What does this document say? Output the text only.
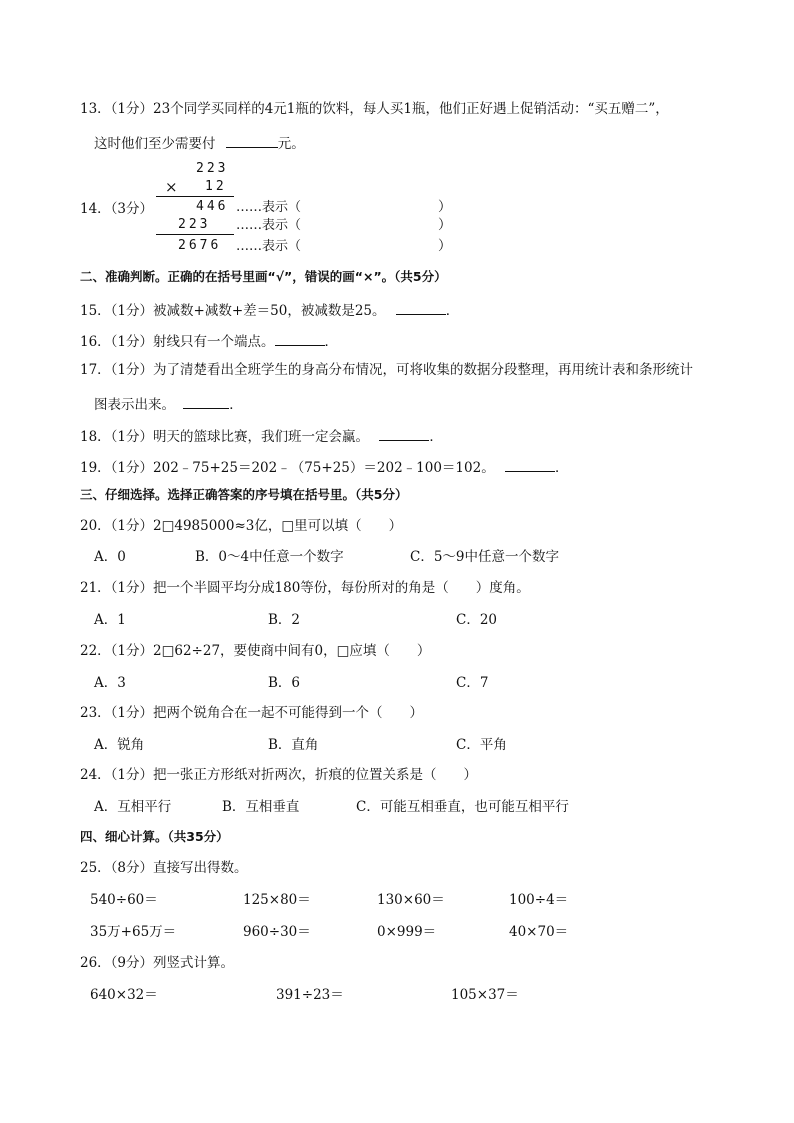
13．（1分）23个同学买同样的4元1瓶的饮料，每人买1瓶，他们正好遇上促销活动：“买五赠二”，
这时他们至少需要付	元。
14．（3分）
223
× 12
446
223
2676
……表示（	）
……表示（	）
……表示（	）
二、准确判断。正确的在括号里画“√”，错误的画“×”。（共5分）
15．（1分）被减数+减数+差＝50，被减数是25。	．
16．（1分）射线只有一个端点。	．
17．（1分）为了清楚看出全班学生的身高分布情况，可将收集的数据分段整理，再用统计表和条形统计
图表示出来。	．
18．（1分）明天的篮球比赛，我们班一定会赢。	．
19．（1分）202﹣75+25＝202﹣（75+25）＝202﹣100＝102。	．
三、仔细选择。选择正确答案的序号填在括号里。（共5分）
20．（1分）2□4985000≈3亿，□里可以填（　　）
A．0	B．0～4中任意一个数字	C．5～9中任意一个数字
21．（1分）把一个半圆平均分成180等份，每份所对的角是（　　）度角。
A．1	B．2	C．20
22．（1分）2□62÷27，要使商中间有0，□应填（　　）
A．3	B．6	C．7
23．（1分）把两个锐角合在一起不可能得到一个（　　）
A．锐角	B．直角	C．平角
24．（1分）把一张正方形纸对折两次，折痕的位置关系是（　　）
A．互相平行	B．互相垂直	C．可能互相垂直，也可能互相平行
四、细心计算。（共35分）
25．（8分）直接写出得数。
540÷60＝	125×80＝	130×60＝	100÷4＝
35万+65万＝	960÷30＝	0×999＝	40×70＝
26．（9分）列竖式计算。
640×32＝	391÷23＝	105×37＝
